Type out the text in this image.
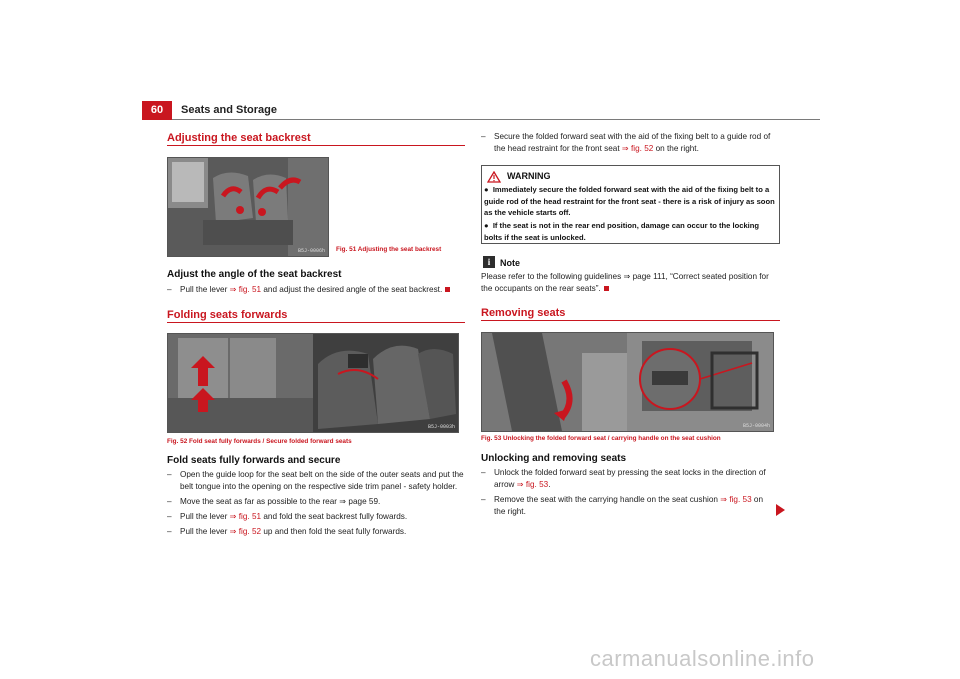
60	Seats and Storage
Adjusting the seat backrest
B5J-0006h Fig. 51 Adjusting the seat backrest
Adjust the angle of the seat backrest
–	Pull the lever ⇒ fig. 51 and adjust the desired angle of the seat backrest.
Folding seats forwards
B5J-0003h
Fig. 52 Fold seat fully forwards / Secure folded forward seats
Fold seats fully forwards and secure
–	Open the guide loop for the seat belt on the side of the outer seats and put the belt tongue into the opening on the respective side trim panel - safety holder.
–	Move the seat as far as possible to the rear ⇒ page 59.
–	Pull the lever ⇒ fig. 51 and fold the seat backrest fully fowards.
–	Pull the lever ⇒ fig. 52 up and then fold the seat fully forwards.
–	Secure the folded forward seat with the aid of the fixing belt to a guide rod of the head restraint for the front seat ⇒ fig. 52 on the right.
WARNING
●  Immediately secure the folded forward seat with the aid of the fixing belt to a guide rod of the head restraint for the front seat - there is a risk of injury as soon as the vehicle starts off.
●  If the seat is not in the rear end position, damage can occur to the locking bolts if the seat is unlocked.
i	Note
Please refer to the following guidelines ⇒ page 111, “Correct seated position for the occupants on the rear seats”.
Removing seats
B5J-0004h
Fig. 53 Unlocking the folded forward seat / carrying handle on the seat cushion
Unlocking and removing seats
–	Unlock the folded forward seat by pressing the seat locks in the direction of arrow ⇒ fig. 53.
–	Remove the seat with the carrying handle on the seat cushion ⇒ fig. 53 on the right.
carmanualsonline.info
